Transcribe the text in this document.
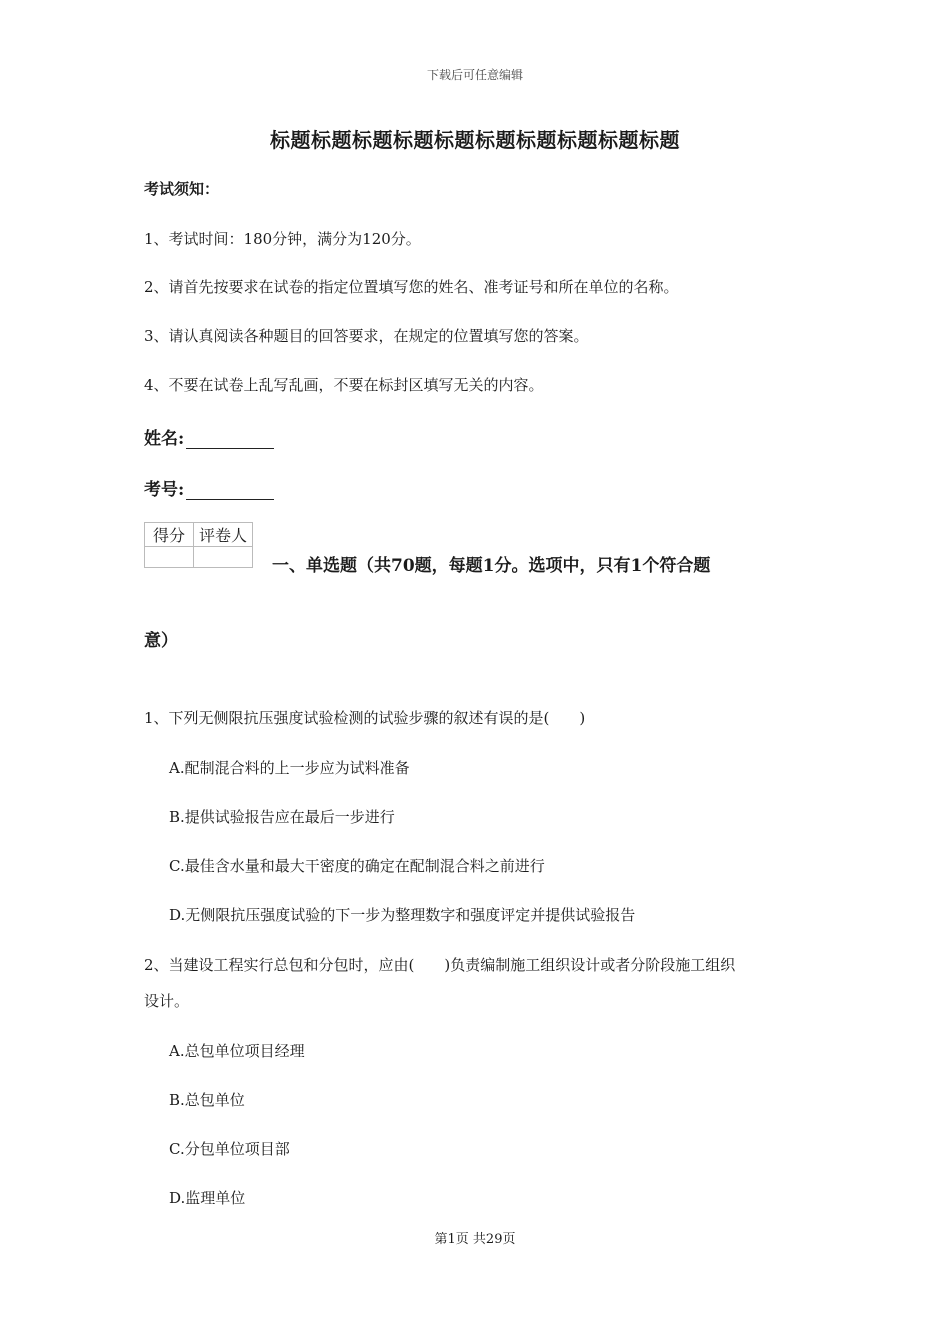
下载后可任意编辑
标题标题标题标题标题标题标题标题标题标题
考试须知：
1、考试时间：180分钟，满分为120分。
2、请首先按要求在试卷的指定位置填写您的姓名、准考证号和所在单位的名称。
3、请认真阅读各种题目的回答要求，在规定的位置填写您的答案。
4、不要在试卷上乱写乱画，不要在标封区填写无关的内容。
姓名:
考号:
得分	评卷人

一、单选题（共70题，每题1分。选项中，只有1个符合题
意）
1、下列无侧限抗压强度试验检测的试验步骤的叙述有误的是(　　)
A.配制混合料的上一步应为试料准备
B.提供试验报告应在最后一步进行
C.最佳含水量和最大干密度的确定在配制混合料之前进行
D.无侧限抗压强度试验的下一步为整理数字和强度评定并提供试验报告
2、当建设工程实行总包和分包时，应由(　　)负责编制施工组织设计或者分阶段施工组织
设计。
A.总包单位项目经理
B.总包单位
C.分包单位项目部
D.监理单位
第1页 共29页
